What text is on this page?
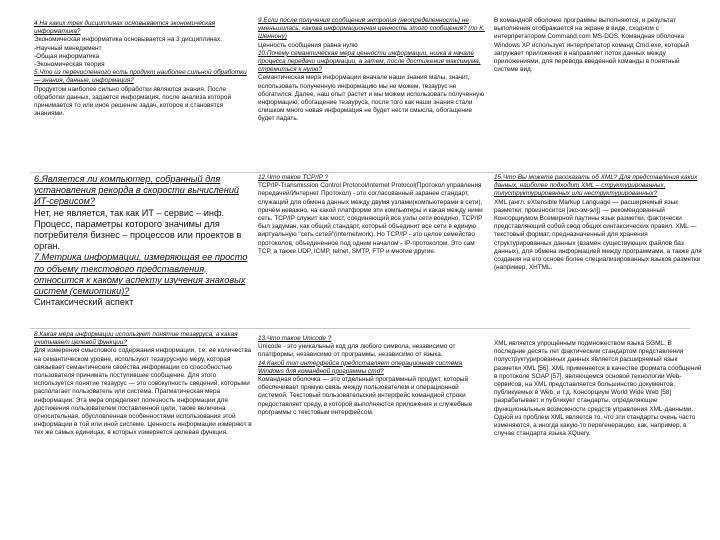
4.На каких трех дисциплинах основывается экономическая информатика?

Экономическая информатика основывается на 3 дисциплинах:

-Научный менеджмент

-Общая информатика

-Экономическая теория

5.Что из перечисленного есть продукт наиболее сильной обработки — знания, данные, информация?

Продуктом наиболее сильно обработки являются знания. После обработки данных, задается информация, после анализа которой принимается то или иное решение задач, которое и становятся знаниями.

9.Если после получения сообщения энтропия (неопределенность) не уменьшилась, какова информационная ценность этого сообщения? (по К. Шеннону)

Ценность сообщения равна нулю

10.Почему семантическая мера ценности информации, низка в начале процесса передачи информации, а затем, после достижения максимума, стремиться к нулю?

Семантическая мера информации вначале наши знания малы, значит, использовать полученную информацию мы не можем, тезаурус не обогатился. Далее, наш опыт растет и мы можем использовать полученную информацию, обогащение тезауруса, после того как наши знания стали слишком много новая информация не будет нести смысла, обогащение будет падать.

В командной оболочке программы выполняются, и результат выполнения отображается на экране в виде, сходном с интерпретатором Command.com MS-DOS. Командная оболочка Windows XP использует интерпретатор команд Cmd.exe, который загружает приложения и направляет поток данных между приложениями, для перевода введенной команды в понятный системе вид.

6.Является ли компьютер, собранный для установления рекорда в скорости вычислений ИТ-сервисом?

Нет, не является, так как ИТ – сервис – инф. Процесс, параметры которого значимы для потребителя бизнес – процессов или проектов в орган.

7.Метрика информации, измеряющая ее просто по объему текстового представления, относится к какому аспекту изучения знаковых систем (семиотики)?

Синтаксический аспект

12.Что такое TCP/IP ?

TCP/IP-Transmission Control Protocol/Internet Protocol(Протокол управления передачей/Интернет Протокол) - это согласованный заранее стандарт, служащий для обмена данных между двумя узлами(компьютерами в сети), причём неважно, на какой платформе эти компьютеры и какая между ними сеть. TCP/IP служит как мост, соединяющий все узлы сети воедино. TCP/IP был задуман, как общий стандарт, который объединит все сети в единую виртуальную "сеть сетей"(internetwork). Но TCP/IP - это целое семейство протоколов, объединенное под одним началом - IP-протоколом. Это сам TCP, а также UDP, ICMP, telnet, SMTP, FTP и многие другие.

15.Что Вы можете рассказать об XML? Для представления каких данных, наиболее подходит XML – структурированных, полуструктурированных или неструктурированных?

XML (англ. eXtensible Markup Language — расширяемый язык разметки; произносится [экс-эм-эл]) — рекомендованный Консорциумом Всемирной паутины язык разметки, фактически представляющий собой свод общих синтаксических правил. XML — текстовый формат, предназначенный для хранения структурированных данных (взамен существующих файлов баз данных), для обмена информацией между программами, а также для создания на его основе более специализированных языков разметки (например, XHTML.

8.Какая мера информации использует понятие тезауруса, а какая учитывает целевой функции?

Для измерения смыслового содержания информации, т.е. ее количества на семантическом уровне, используют тезаурусную меру, которая связывает семантические свойства информации со способностью пользователя принимать поступившее сообщение. Для этого используется понятие тезаурус — это совокупность сведений, которыми располагает пользователь или система. Прагматическая мера информации. Эта мера определяет полезность информации для достижения пользователем поставленной цели, также величина относительная, обусловленная особенностями использования этой информации в той или иной системе. Ценность информации измеряют в тех же самых единицах, в которых измеряется целевая функция.

13.Что такое Unicode ?

Unicode - это уникальный код для любого символа, независимо от платформы, независимо от программы, независимо от языка.

14.Какой тип интерфейса предоставляет операционная система Windows для командной программы cmd?

Командная оболочка — это отдельный программный продукт, который обеспечивает прямую связь между пользователем и операционной системой. Текстовый пользовательский интерфейс командной строки предоставляет среду, в которой выполняются приложения и служебные программы с текстовым интерфейсом.

XML является упрощённым подмножеством языка SGML. В последние десять лет фактическим стандартом представления полуструктурированных данных является расширяемый язык разметки XML [56]. XML применяется в качестве формата сообщений в протоколе SOAP [57], являющемся основой технологии Web-сервисов, на XML представляется большинство документов, публикуемых в Web, и т.д. Консорциум World Wide Web [58] разрабатывает и публикует стандарты, определяющие функциональные возможности средств управления XML-данными. Одной из проблем XML является то, что эти стандарты очень часто изменяются, а иногда какую-то перегенерацию, как, например, в случае стандарта языка XQuery.
